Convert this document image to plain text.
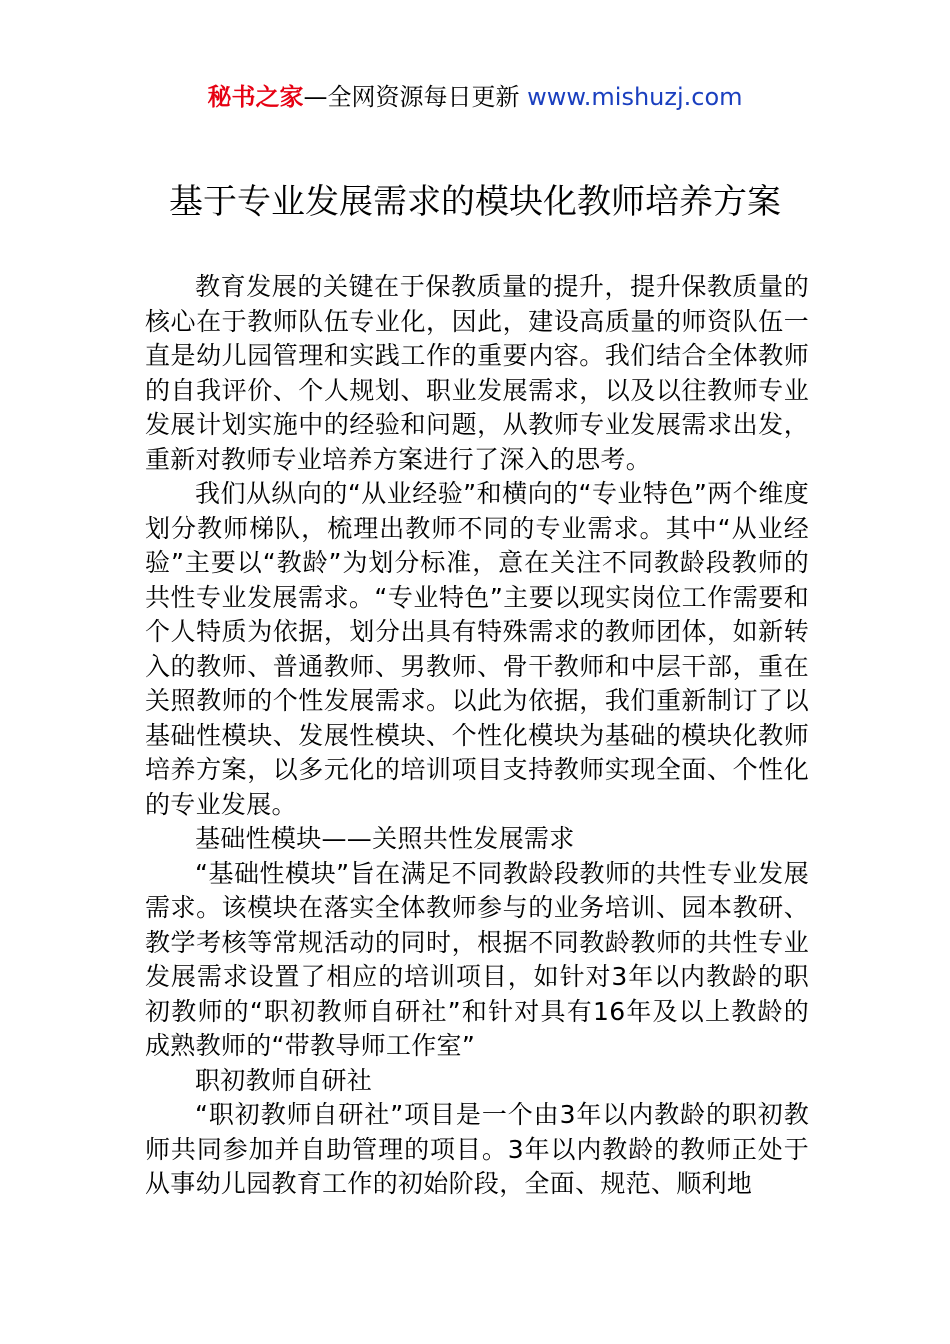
秘书之家—全网资源每日更新 www.mishuzj.com
基于专业发展需求的模块化教师培养方案

教育发展的关键在于保教质量的提升，提升保教质量的核心在于教师队伍专业化，因此，建设高质量的师资队伍一直是幼儿园管理和实践工作的重要内容。我们结合全体教师的自我评价、个人规划、职业发展需求，以及以往教师专业发展计划实施中的经验和问题，从教师专业发展需求出发，重新对教师专业培养方案进行了深入的思考。

我们从纵向的“从业经验”和横向的“专业特色”两个维度划分教师梯队，梳理出教师不同的专业需求。其中“从业经验”主要以“教龄”为划分标准，意在关注不同教龄段教师的共性专业发展需求。“专业特色”主要以现实岗位工作需要和个人特质为依据，划分出具有特殊需求的教师团体，如新转入的教师、普通教师、男教师、骨干教师和中层干部，重在关照教师的个性发展需求。以此为依据，我们重新制订了以基础性模块、发展性模块、个性化模块为基础的模块化教师培养方案，以多元化的培训项目支持教师实现全面、个性化的专业发展。

基础性模块——关照共性发展需求

“基础性模块”旨在满足不同教龄段教师的共性专业发展需求。该模块在落实全体教师参与的业务培训、园本教研、教学考核等常规活动的同时，根据不同教龄教师的共性专业发展需求设置了相应的培训项目，如针对3年以内教龄的职初教师的“职初教师自研社”和针对具有16年及以上教龄的成熟教师的“带教导师工作室”

职初教师自研社

“职初教师自研社”项目是一个由3年以内教龄的职初教师共同参加并自助管理的项目。3年以内教龄的教师正处于从事幼儿园教育工作的初始阶段，全面、规范、顺利地
